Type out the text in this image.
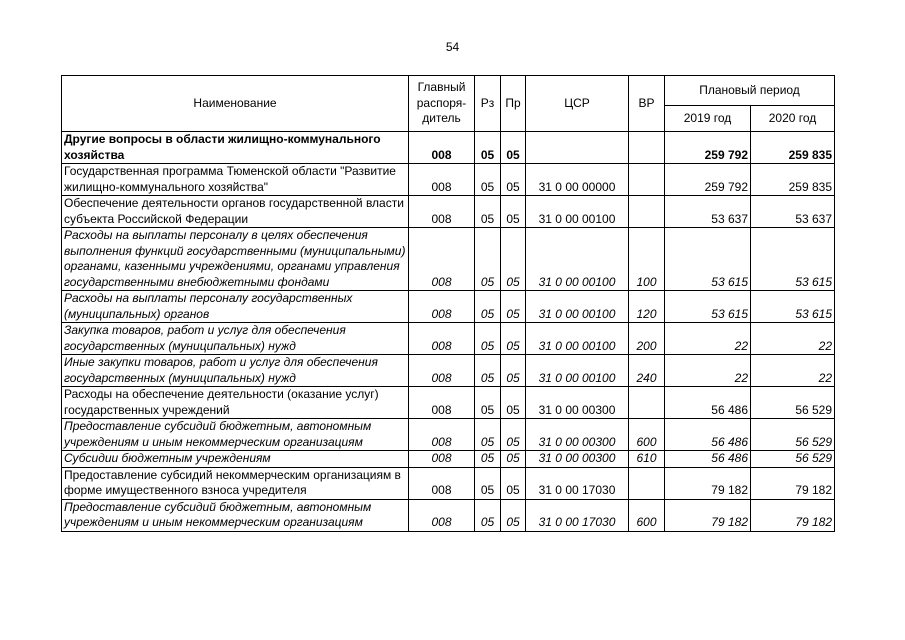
54
Наименование	Главный распоря-дитель	Рз	Пр	ЦСР	ВР	Плановый период	
						2019 год	2020 год
Другие вопросы в области жилищно-коммунального хозяйства	008	05	05			259 792	259 835
Государственная программа Тюменской области "Развитие жилищно-коммунального хозяйства"	008	05	05	31 0 00 00000		259 792	259 835
Обеспечение деятельности органов государственной власти субъекта Российской Федерации	008	05	05	31 0 00 00100		53 637	53 637
Расходы на выплаты персоналу в целях обеспечения выполнения функций государственными (муниципальными) органами, казенными учреждениями, органами управления государственными внебюджетными фондами	008	05	05	31 0 00 00100	100	53 615	53 615
Расходы на выплаты персоналу государственных (муниципальных) органов	008	05	05	31 0 00 00100	120	53 615	53 615
Закупка товаров, работ и услуг для обеспечения государственных (муниципальных) нужд	008	05	05	31 0 00 00100	200	22	22
Иные закупки товаров, работ и услуг для обеспечения государственных (муниципальных) нужд	008	05	05	31 0 00 00100	240	22	22
Расходы на обеспечение деятельности (оказание услуг) государственных учреждений	008	05	05	31 0 00 00300		56 486	56 529
Предоставление субсидий бюджетным, автономным учреждениям и иным некоммерческим организациям	008	05	05	31 0 00 00300	600	56 486	56 529
Субсидии бюджетным учреждениям	008	05	05	31 0 00 00300	610	56 486	56 529
Предоставление субсидий некоммерческим организациям в форме имущественного взноса учредителя	008	05	05	31 0 00 17030		79 182	79 182
Предоставление субсидий бюджетным, автономным учреждениям и иным некоммерческим организациям	008	05	05	31 0 00 17030	600	79 182	79 182
